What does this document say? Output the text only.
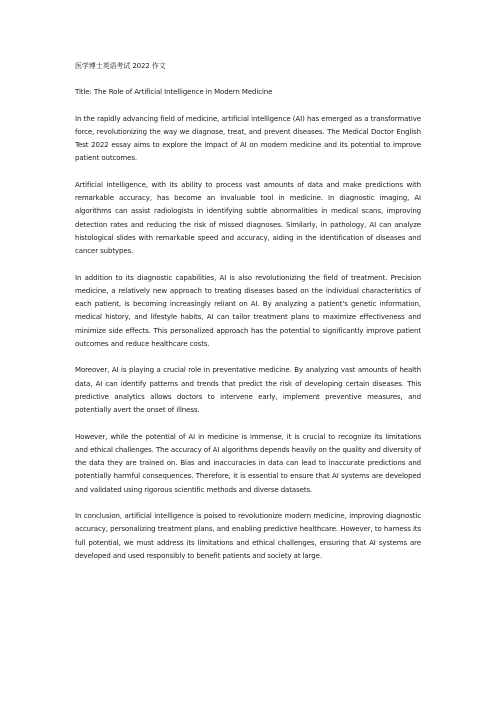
医学博士英语考试 2022 作文

Title: The Role of Artificial Intelligence in Modern Medicine

In the rapidly advancing field of medicine, artificial intelligence (AI) has emerged as a transformative force, revolutionizing the way we diagnose, treat, and prevent diseases. The Medical Doctor English Test 2022 essay aims to explore the impact of AI on modern medicine and its potential to improve patient outcomes.

Artificial intelligence, with its ability to process vast amounts of data and make predictions with remarkable accuracy, has become an invaluable tool in medicine. In diagnostic imaging, AI algorithms can assist radiologists in identifying subtle abnormalities in medical scans, improving detection rates and reducing the risk of missed diagnoses. Similarly, in pathology, AI can analyze histological slides with remarkable speed and accuracy, aiding in the identification of diseases and cancer subtypes.

In addition to its diagnostic capabilities, AI is also revolutionizing the field of treatment. Precision medicine, a relatively new approach to treating diseases based on the individual characteristics of each patient, is becoming increasingly reliant on AI. By analyzing a patient's genetic information, medical history, and lifestyle habits, AI can tailor treatment plans to maximize effectiveness and minimize side effects. This personalized approach has the potential to significantly improve patient outcomes and reduce healthcare costs.

Moreover, AI is playing a crucial role in preventative medicine. By analyzing vast amounts of health data, AI can identify patterns and trends that predict the risk of developing certain diseases. This predictive analytics allows doctors to intervene early, implement preventive measures, and potentially avert the onset of illness.

However, while the potential of AI in medicine is immense, it is crucial to recognize its limitations and ethical challenges. The accuracy of AI algorithms depends heavily on the quality and diversity of the data they are trained on. Bias and inaccuracies in data can lead to inaccurate predictions and potentially harmful consequences. Therefore, it is essential to ensure that AI systems are developed and validated using rigorous scientific methods and diverse datasets.

In conclusion, artificial intelligence is poised to revolutionize modern medicine, improving diagnostic accuracy, personalizing treatment plans, and enabling predictive healthcare. However, to harness its full potential, we must address its limitations and ethical challenges, ensuring that AI systems are developed and used responsibly to benefit patients and society at large.
